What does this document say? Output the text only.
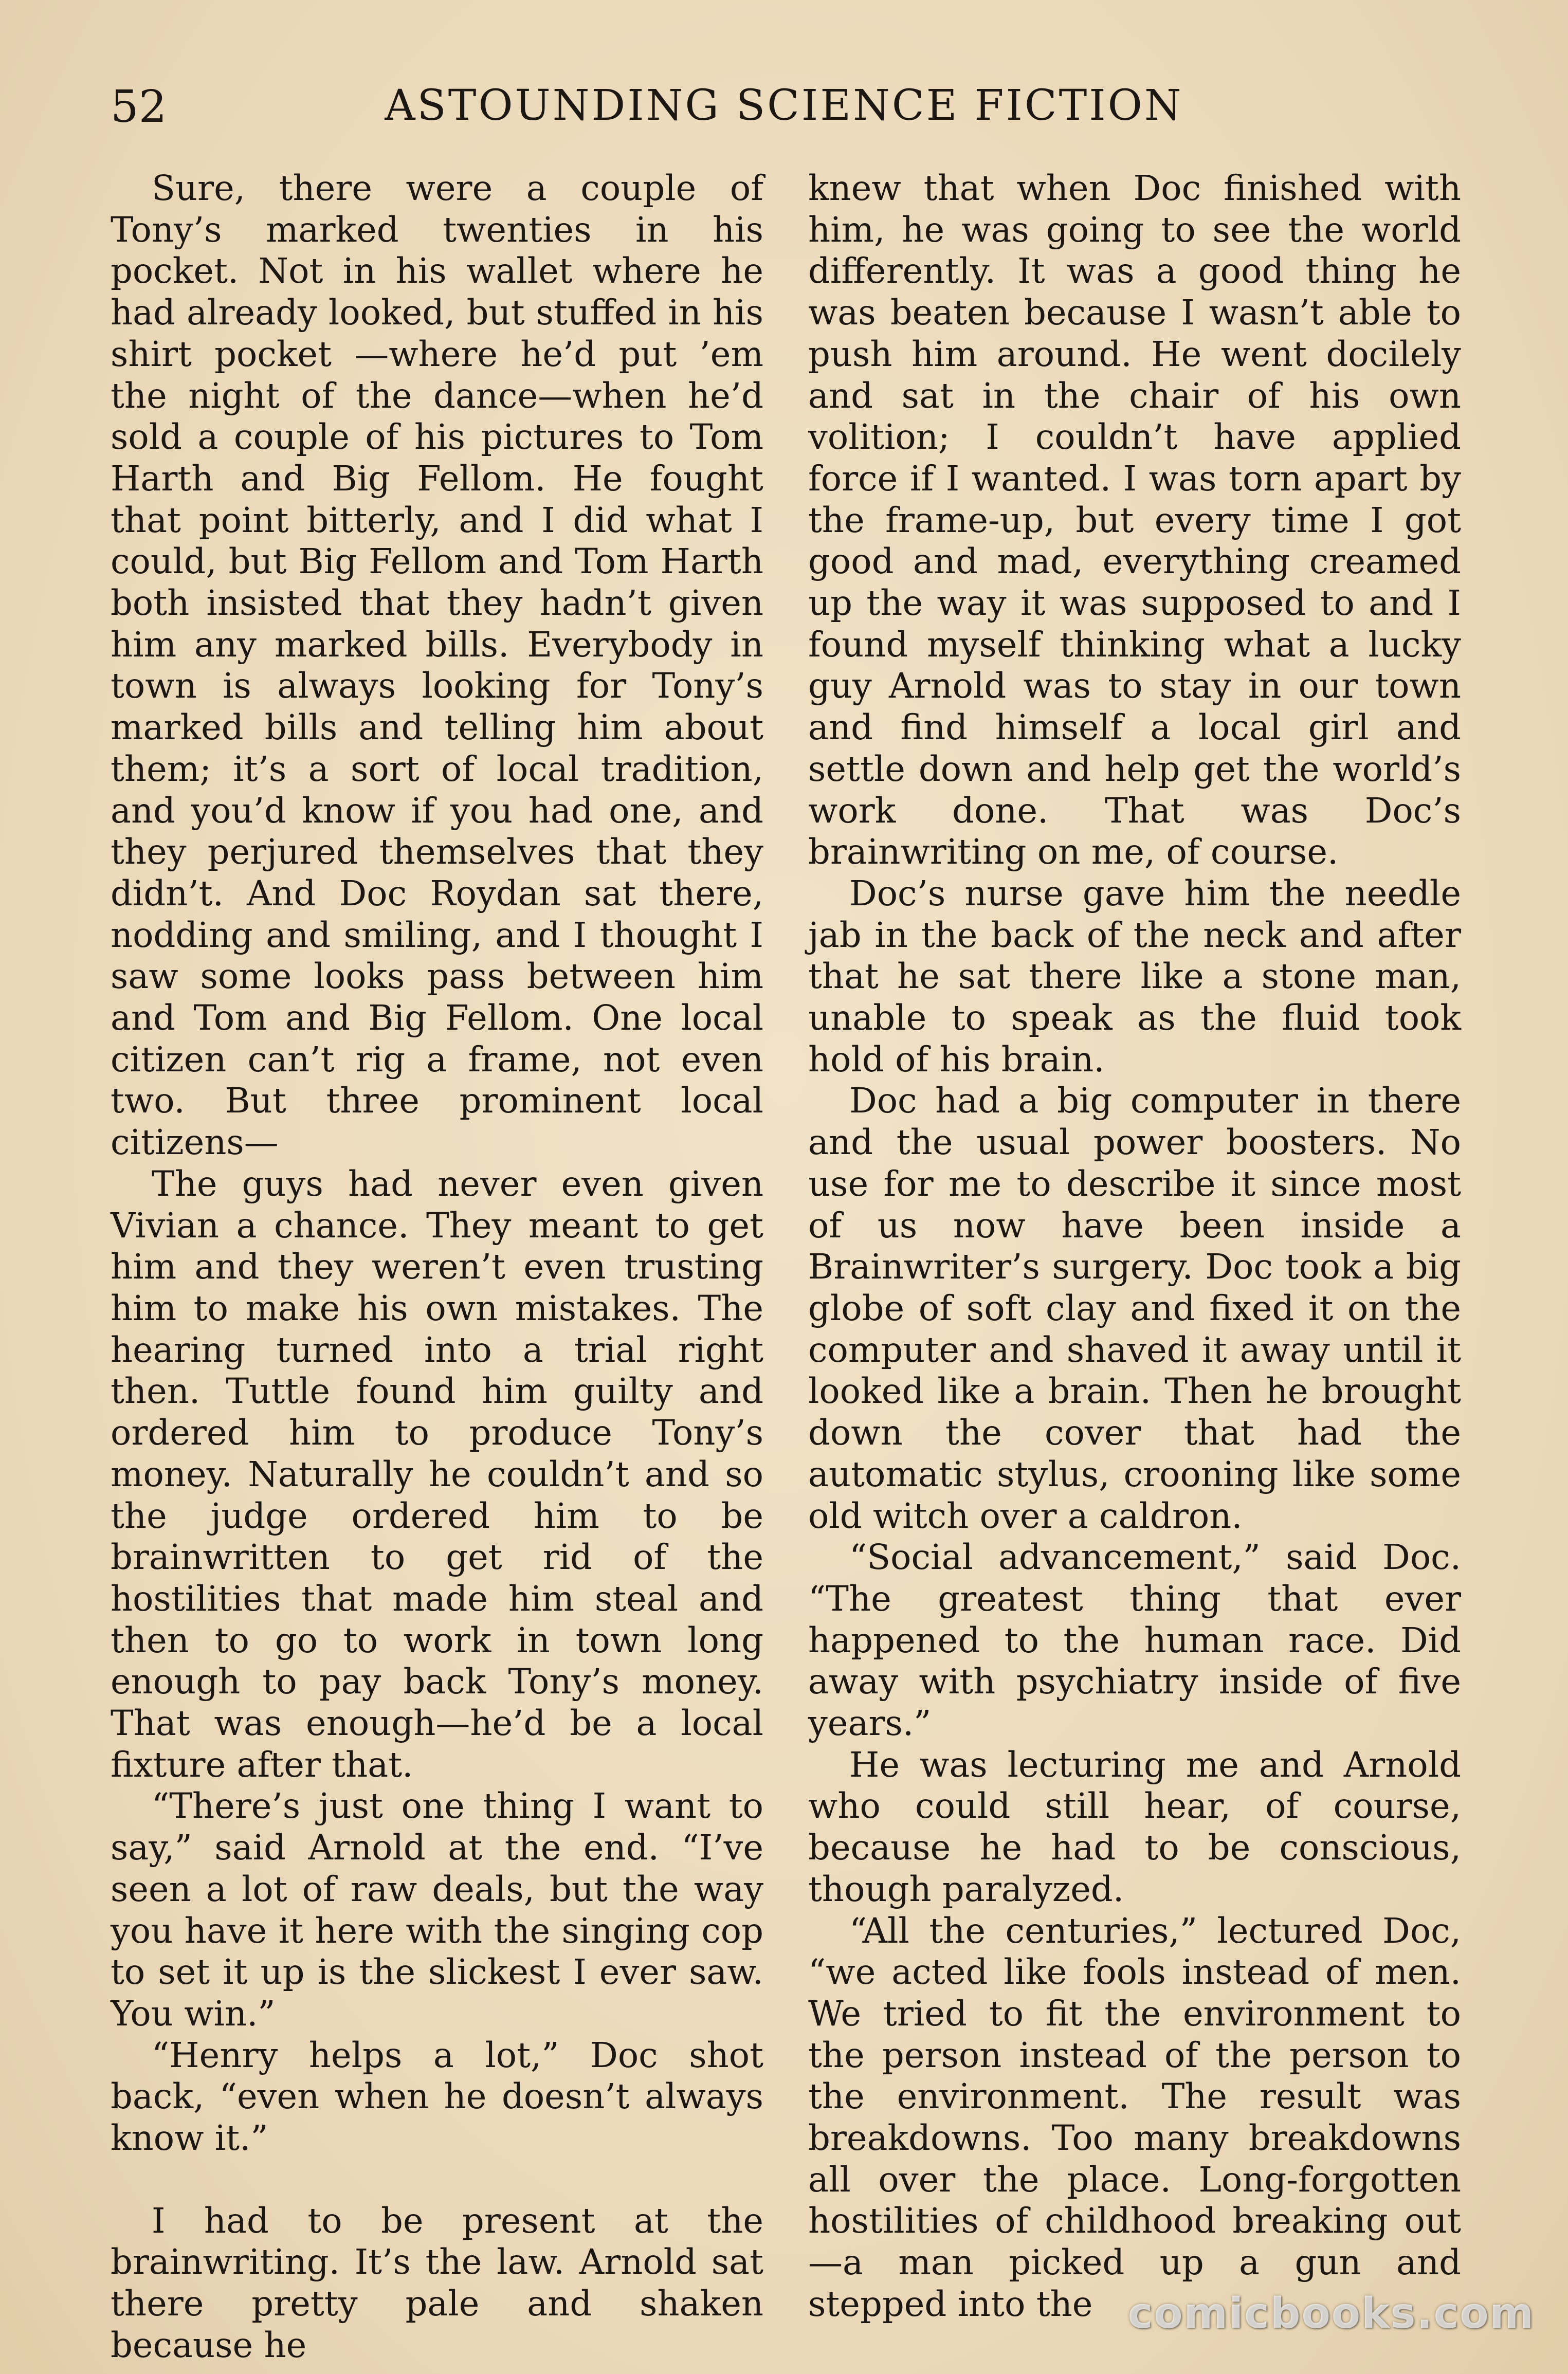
52	ASTOUNDING SCIENCE FICTION

Sure, there were a couple of Tony’s marked twenties in his pocket. Not in his wallet where he had already looked, but stuffed in his shirt pocket —where he’d put ’em the night of the dance—when he’d sold a couple of his pictures to Tom Harth and Big Fellom. He fought that point bitterly, and I did what I could, but Big Fellom and Tom Harth both insisted that they hadn’t given him any marked bills. Everybody in town is always looking for Tony’s marked bills and telling him about them; it’s a sort of local tradition, and you’d know if you had one, and they perjured themselves that they didn’t. And Doc Roydan sat there, nodding and smiling, and I thought I saw some looks pass between him and Tom and Big Fellom. One local citizen can’t rig a frame, not even two. But three prominent local citizens—

The guys had never even given Vivian a chance. They meant to get him and they weren’t even trusting him to make his own mistakes. The hearing turned into a trial right then. Tuttle found him guilty and ordered him to produce Tony’s money. Naturally he couldn’t and so the judge ordered him to be brainwritten to get rid of the hostilities that made him steal and then to go to work in town long enough to pay back Tony’s money. That was enough—he’d be a local fixture after that.

“There’s just one thing I want to say,” said Arnold at the end. “I’ve seen a lot of raw deals, but the way you have it here with the singing cop to set it up is the slickest I ever saw. You win.”

“Henry helps a lot,” Doc shot back, “even when he doesn’t always know it.”

I had to be present at the brainwriting. It’s the law. Arnold sat there pretty pale and shaken because he

knew that when Doc finished with him, he was going to see the world differently. It was a good thing he was beaten because I wasn’t able to push him around. He went docilely and sat in the chair of his own volition; I couldn’t have applied force if I wanted. I was torn apart by the frame-up, but every time I got good and mad, everything creamed up the way it was supposed to and I found myself thinking what a lucky guy Arnold was to stay in our town and find himself a local girl and settle down and help get the world’s work done. That was Doc’s brainwriting on me, of course.

Doc’s nurse gave him the needle jab in the back of the neck and after that he sat there like a stone man, unable to speak as the fluid took hold of his brain.

Doc had a big computer in there and the usual power boosters. No use for me to describe it since most of us now have been inside a Brainwriter’s surgery. Doc took a big globe of soft clay and fixed it on the computer and shaved it away until it looked like a brain. Then he brought down the cover that had the automatic stylus, crooning like some old witch over a caldron.

“Social advancement,” said Doc. “The greatest thing that ever happened to the human race. Did away with psychiatry inside of five years.”

He was lecturing me and Arnold who could still hear, of course, because he had to be conscious, though paralyzed.

“All the centuries,” lectured Doc, “we acted like fools instead of men. We tried to fit the environment to the person instead of the person to the environment. The result was breakdowns. Too many breakdowns all over the place. Long-forgotten hostilities of childhood breaking out—a man picked up a gun and stepped into the comicbooks.com
